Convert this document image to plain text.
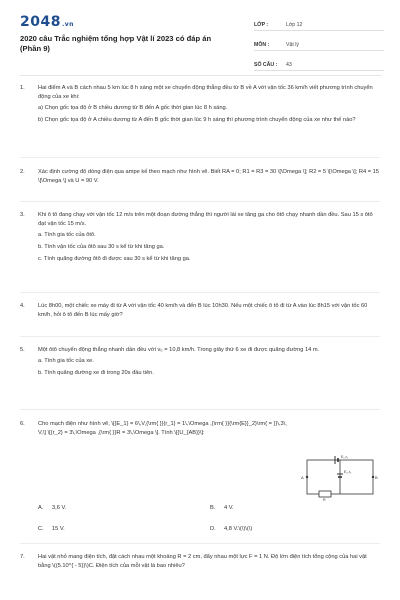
2048.vn
2020 câu Trắc nghiệm tổng hợp Vật lí 2023 có đáp án (Phần 9)
LỚP :	Lớp 12
MÔN :	Vật lý
SỐ CÂU :	43
1.	Hai điểm A và B cách nhau 5 km lúc 8 h sáng một xe chuyển động thẳng đều từ B về A với vận tốc 36 km/h viết phương trình chuyển động của xe khi:

a) Chọn gốc tọa độ ở B chiều dương từ B đến A gốc thời gian lúc 8 h sáng.

b) Chọn gốc tọa độ ở A chiều dương từ A đến B gốc thời gian lúc 9 h sáng thì phương trình chuyển động của xe như thế nào?

2.	Xác định cường độ dòng điện qua ampe kế theo mạch như hình vẽ. Biết RA = 0; R1 = R3 = 30 \[\Omega \]; R2 = 5 \[\Omega \]; R4 = 15 \[\Omega \] và U = 90 V.
3.	Khi ô tô đang chạy với vận tốc 12 m/s trên một đoạn đường thẳng thì người lái xe tăng ga cho ôtô chạy nhanh dần đều. Sau 15 s ôtô đạt vận tốc 15 m/s.

a. Tính gia tốc của ôtô.

b. Tính vận tốc của ôtô sau 30 s kể từ khi tăng ga.

c. Tính quãng đường ôtô đi được sau 30 s kể từ khi tăng ga.

4.	Lúc 8h00, một chiếc xe máy đi từ A với vận tốc 40 km/h và đến B lúc 10h30. Nếu một chiếc ô tô đi từ A vào lúc 8h15 với vận tốc 60 km/h, hỏi ô tô đến B lúc mấy giờ?
5.	Một ôtô chuyển động thẳng nhanh dần đều với v₀ = 10,8 km/h. Trong giây thứ 6 xe đi được quãng đường 14 m.

a. Tính gia tốc của xe.

b. Tính quãng đường xe đi trong 20s đầu tiên.

6.	Cho mạch điện như hình vẽ, \[{E_1} = 6\,V,{\rm{ }}{r_1} = 1\,\Omega ,{\rm{ }}{\rm{E}}_2}\rm{ = }}\,3\,V,\] \[{r_2} = 3\,\Omega ,{\rm{ }}R = 3\,\Omega \]. Tính \[{U_{AB}}\]:
E₁,r₁
E₂,r₂
A	B
R
A. 3,6 V.	B. 4 V.
C. 15 V.	D. 4,8 V.\(\)\(\)
7.	Hai vật nhỏ mang điện tích, đặt cách nhau một khoảng R = 2 cm, đẩy nhau một lực F = 1 N. Độ lớn điện tích tổng cộng của hai vật bằng \((5.10^{ - 5})\)C. Điện tích của mỗi vật là bao nhiêu?
